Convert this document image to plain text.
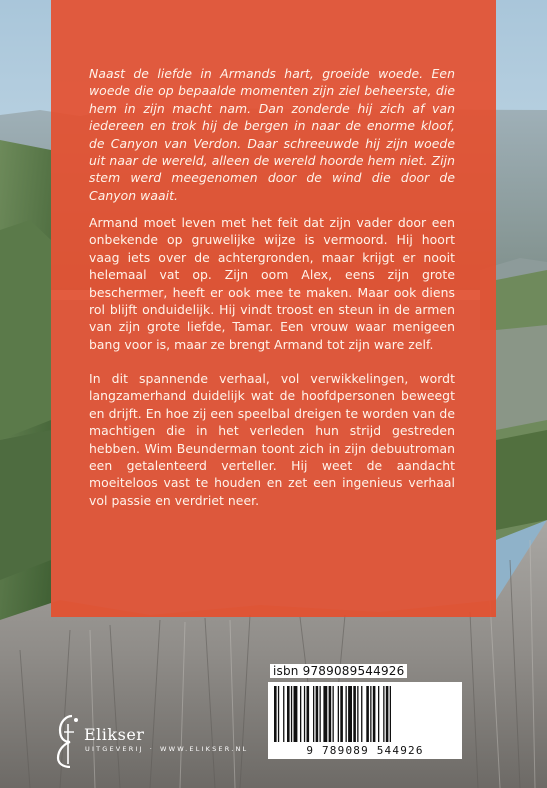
Naast de liefde in Armands hart, groeide woede. Een woede die op bepaalde momenten zijn ziel beheerste, die hem in zijn macht nam. Dan zonderde hij zich af van iedereen en trok hij de bergen in naar de enorme kloof, de Canyon van Verdon. Daar schreeuwde hij zijn woede uit naar de wereld, alleen de wereld hoorde hem niet. Zijn stem werd meegenomen door de wind die door de Canyon waait.

Armand moet leven met het feit dat zijn vader door een onbekende op gruwelijke wijze is vermoord. Hij hoort vaag iets over de achtergronden, maar krijgt er nooit helemaal vat op. Zijn oom Alex, eens zijn grote beschermer, heeft er ook mee te maken. Maar ook diens rol blijft onduidelijk. Hij vindt troost en steun in de armen van zijn grote liefde, Tamar. Een vrouw waar menigeen bang voor is, maar ze brengt Armand tot zijn ware zelf.

In dit spannende verhaal, vol verwikkelingen, wordt langzamerhand duidelijk wat de hoofdpersonen beweegt en drijft. En hoe zij een speelbal dreigen te worden van de machtigen die in het verleden hun strijd gestreden hebben. Wim Beunderman toont zich in zijn debuutroman een getalenteerd verteller. Hij weet de aandacht moeiteloos vast te houden en zet een ingenieus verhaal vol passie en verdriet neer.

isbn 9789089544926
9 789089 544926
Elikser
UITGEVERIJ · WWW.ELIKSER.NL
